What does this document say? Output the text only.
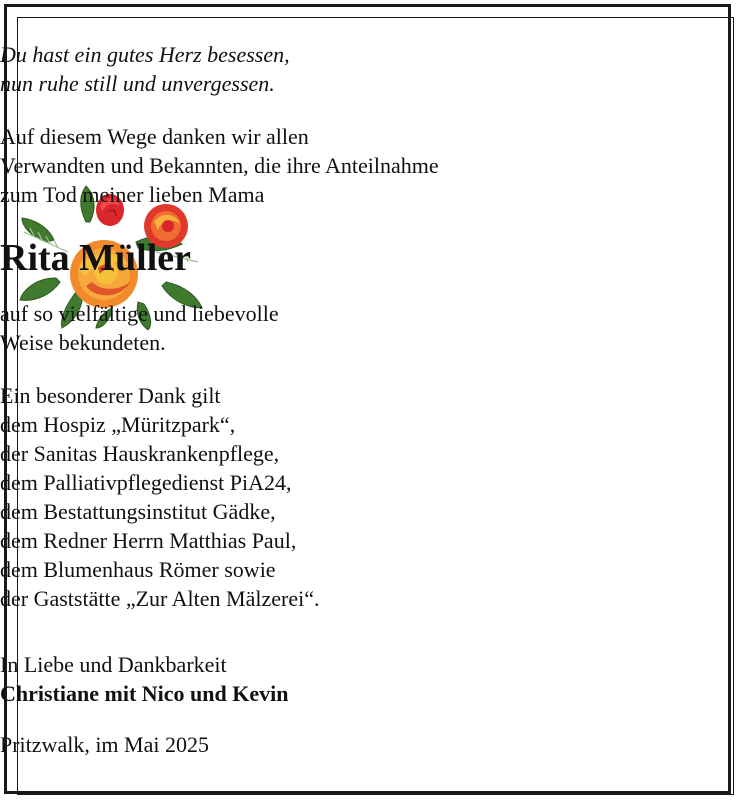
Du hast ein gutes Herz besessen,
nun ruhe still und unvergessen.
Auf diesem Wege danken wir allen
Verwandten und Bekannten, die ihre Anteilnahme
zum Tod meiner lieben Mama
Rita Müller
auf so vielfältige und liebevolle
Weise bekundeten.
Ein besonderer Dank gilt
dem Hospiz „Müritzpark“,
der Sanitas Hauskrankenpflege,
dem Palliativpflegedienst PiA24,
dem Bestattungsinstitut Gädke,
dem Redner Herrn Matthias Paul,
dem Blumenhaus Römer sowie
der Gaststätte „Zur Alten Mälzerei“.
In Liebe und Dankbarkeit
Christiane mit Nico und Kevin
Pritzwalk, im Mai 2025
